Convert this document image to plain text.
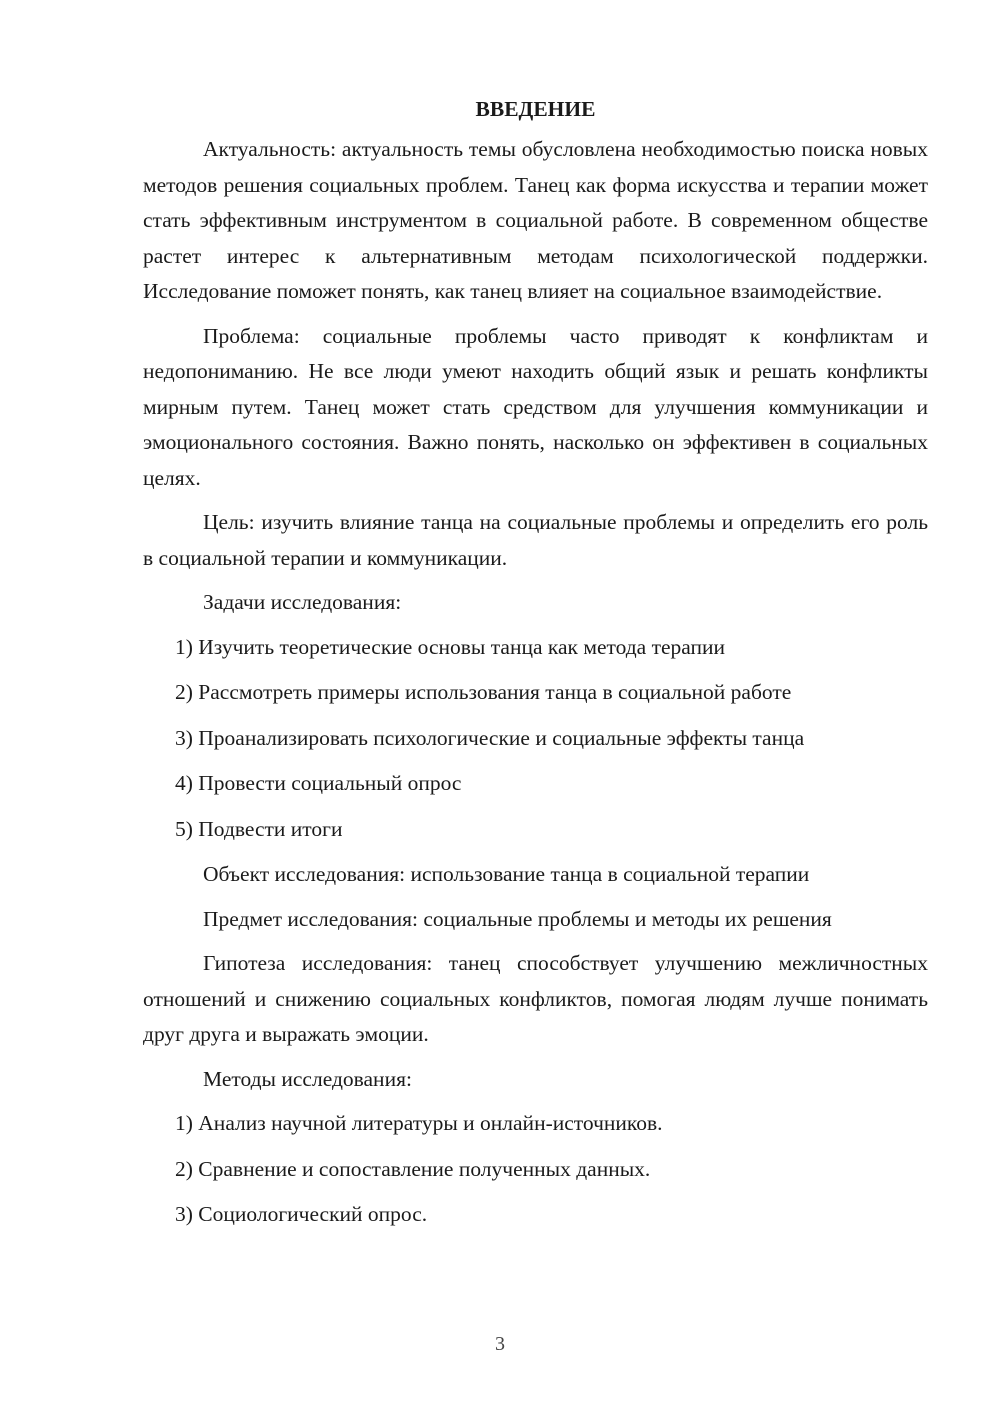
ВВЕДЕНИЕ

Актуальность: актуальность темы обусловлена необходимостью поиска новых методов решения социальных проблем. Танец как форма искусства и терапии может стать эффективным инструментом в социальной работе. В современном обществе растет интерес к альтернативным методам психологической поддержки. Исследование поможет понять, как танец влияет на социальное взаимодействие.

Проблема: социальные проблемы часто приводят к конфликтам и недопониманию. Не все люди умеют находить общий язык и решать конфликты мирным путем. Танец может стать средством для улучшения коммуникации и эмоционального состояния. Важно понять, насколько он эффективен в социальных целях.

Цель: изучить влияние танца на социальные проблемы и определить его роль в социальной терапии и коммуникации.

Задачи исследования:

1) Изучить теоретические основы танца как метода терапии
2) Рассмотреть примеры использования танца в социальной работе
3) Проанализировать психологические и социальные эффекты танца
4) Провести социальный опрос
5) Подвести итоги

Объект исследования: использование танца в социальной терапии

Предмет исследования: социальные проблемы и методы их решения

Гипотеза исследования: танец способствует улучшению межличностных отношений и снижению социальных конфликтов, помогая людям лучше понимать друг друга и выражать эмоции.

Методы исследования:

1) Анализ научной литературы и онлайн-источников.
2) Сравнение и сопоставление полученных данных.
3) Социологический опрос.
3
